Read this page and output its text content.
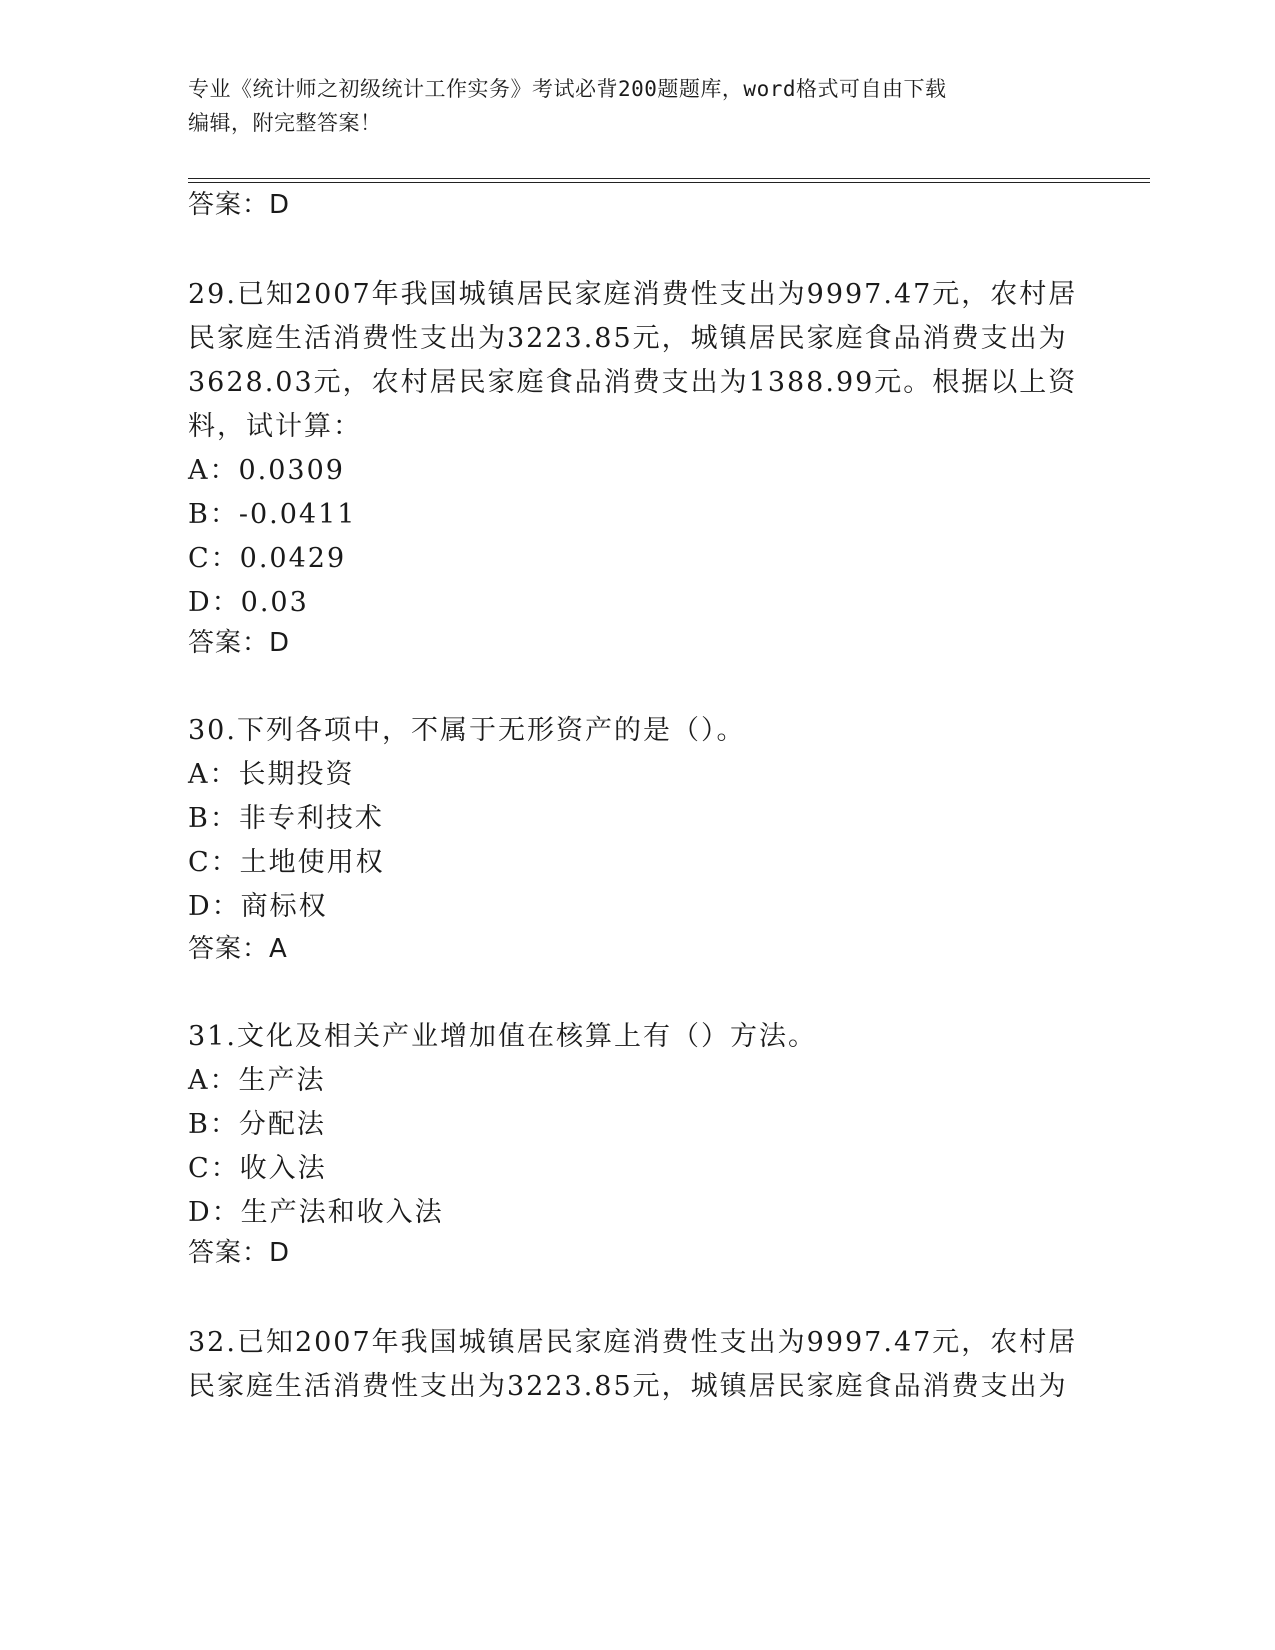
专业《统计师之初级统计工作实务》考试必背200题题库，word格式可自由下载
编辑，附完整答案！
答案：D
29.已知2007年我国城镇居民家庭消费性支出为9997.47元，农村居
民家庭生活消费性支出为3223.85元，城镇居民家庭食品消费支出为
3628.03元，农村居民家庭食品消费支出为1388.99元。根据以上资
料，试计算：
A：0.0309
B：-0.0411
C：0.0429
D：0.03
答案：D
30.下列各项中，不属于无形资产的是（）。
A：长期投资
B：非专利技术
C：土地使用权
D：商标权
答案：A
31.文化及相关产业增加值在核算上有（）方法。
A：生产法
B：分配法
C：收入法
D：生产法和收入法
答案：D
32.已知2007年我国城镇居民家庭消费性支出为9997.47元，农村居
民家庭生活消费性支出为3223.85元，城镇居民家庭食品消费支出为
